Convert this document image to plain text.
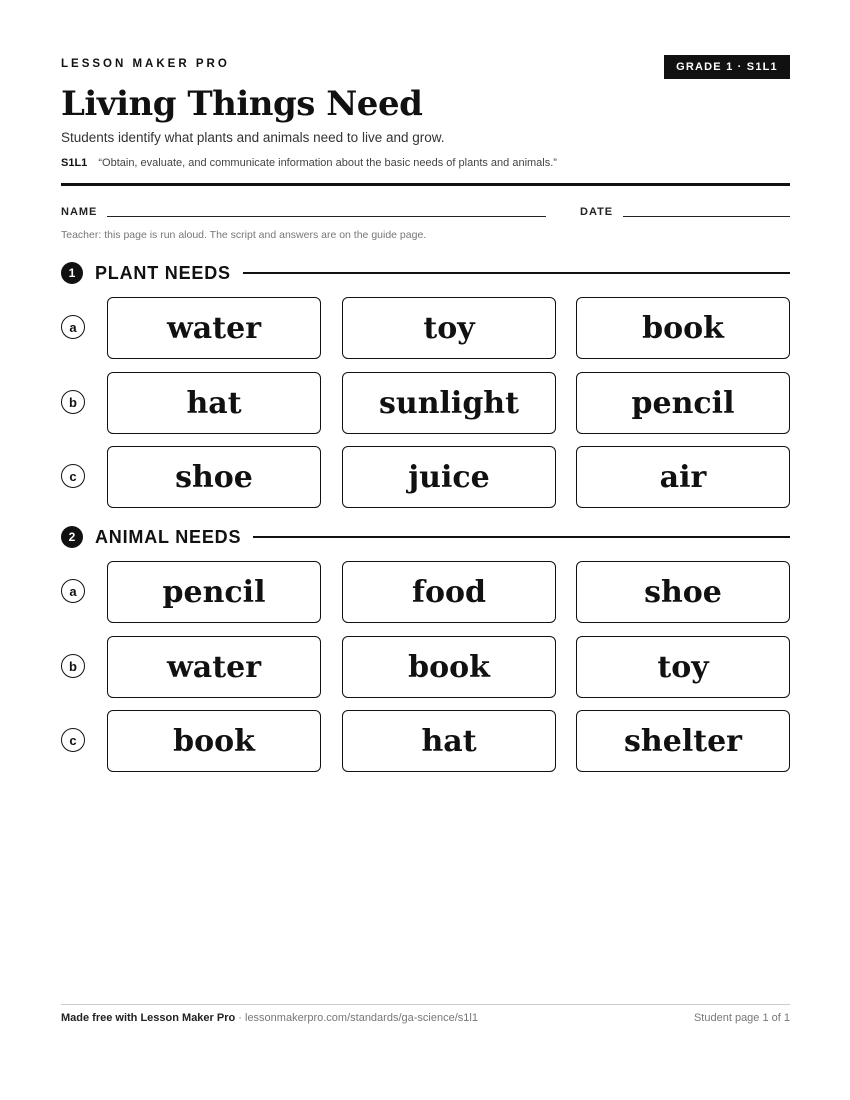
LESSON MAKER PRO	GRADE 1 · S1L1
Living Things Need
Students identify what plants and animals need to live and grow.
S1L1 “Obtain, evaluate, and communicate information about the basic needs of plants and animals.”
NAME	DATE
Teacher: this page is run aloud. The script and answers are on the guide page.
1	PLANT NEEDS
a	water	toy	book
b	hat	sunlight	pencil
c	shoe	juice	air
2	ANIMAL NEEDS
a	pencil	food	shoe
b	water	book	toy
c	book	hat	shelter
Made free with Lesson Maker Pro · lessonmakerpro.com/standards/ga-science/s1l1	Student page 1 of 1
